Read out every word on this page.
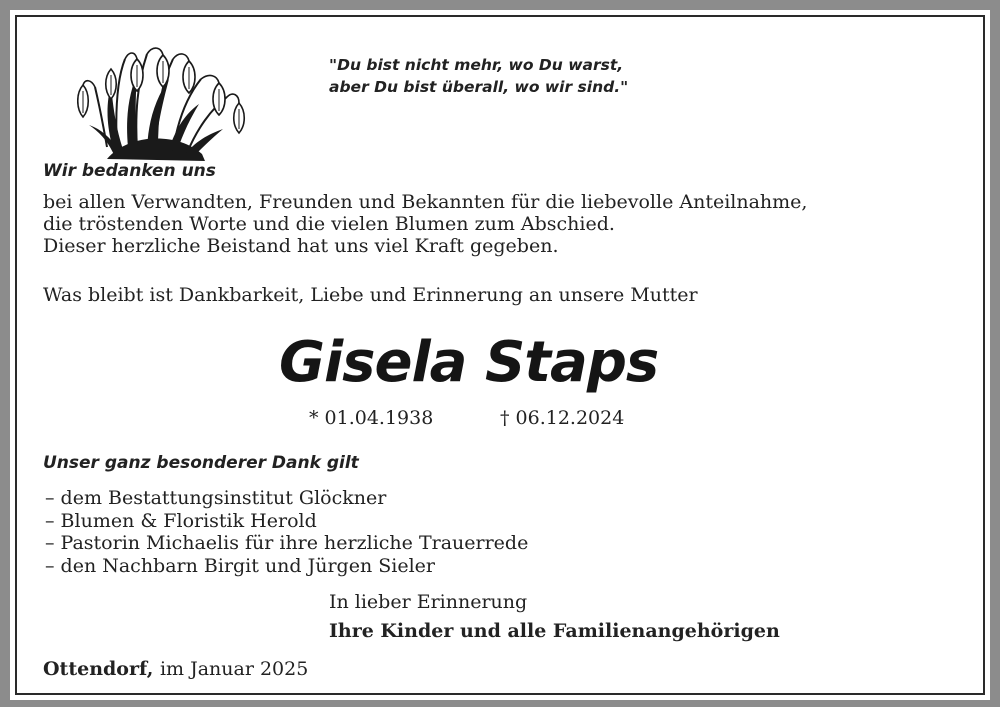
"Du bist nicht mehr, wo Du warst,
aber Du bist überall, wo wir sind."
Wir bedanken uns
bei allen Verwandten, Freunden und Bekannten für die liebevolle Anteilnahme,
die tröstenden Worte und die vielen Blumen zum Abschied.
Dieser herzliche Beistand hat uns viel Kraft gegeben.
Was bleibt ist Dankbarkeit, Liebe und Erinnerung an unsere Mutter
Gisela Staps
* 01.04.1938	† 06.12.2024
Unser ganz besonderer Dank gilt
– dem Bestattungsinstitut Glöckner
– Blumen & Floristik Herold
– Pastorin Michaelis für ihre herzliche Trauerrede
– den Nachbarn Birgit und Jürgen Sieler
In lieber Erinnerung
Ihre Kinder und alle Familienangehörigen
Ottendorf, im Januar 2025
